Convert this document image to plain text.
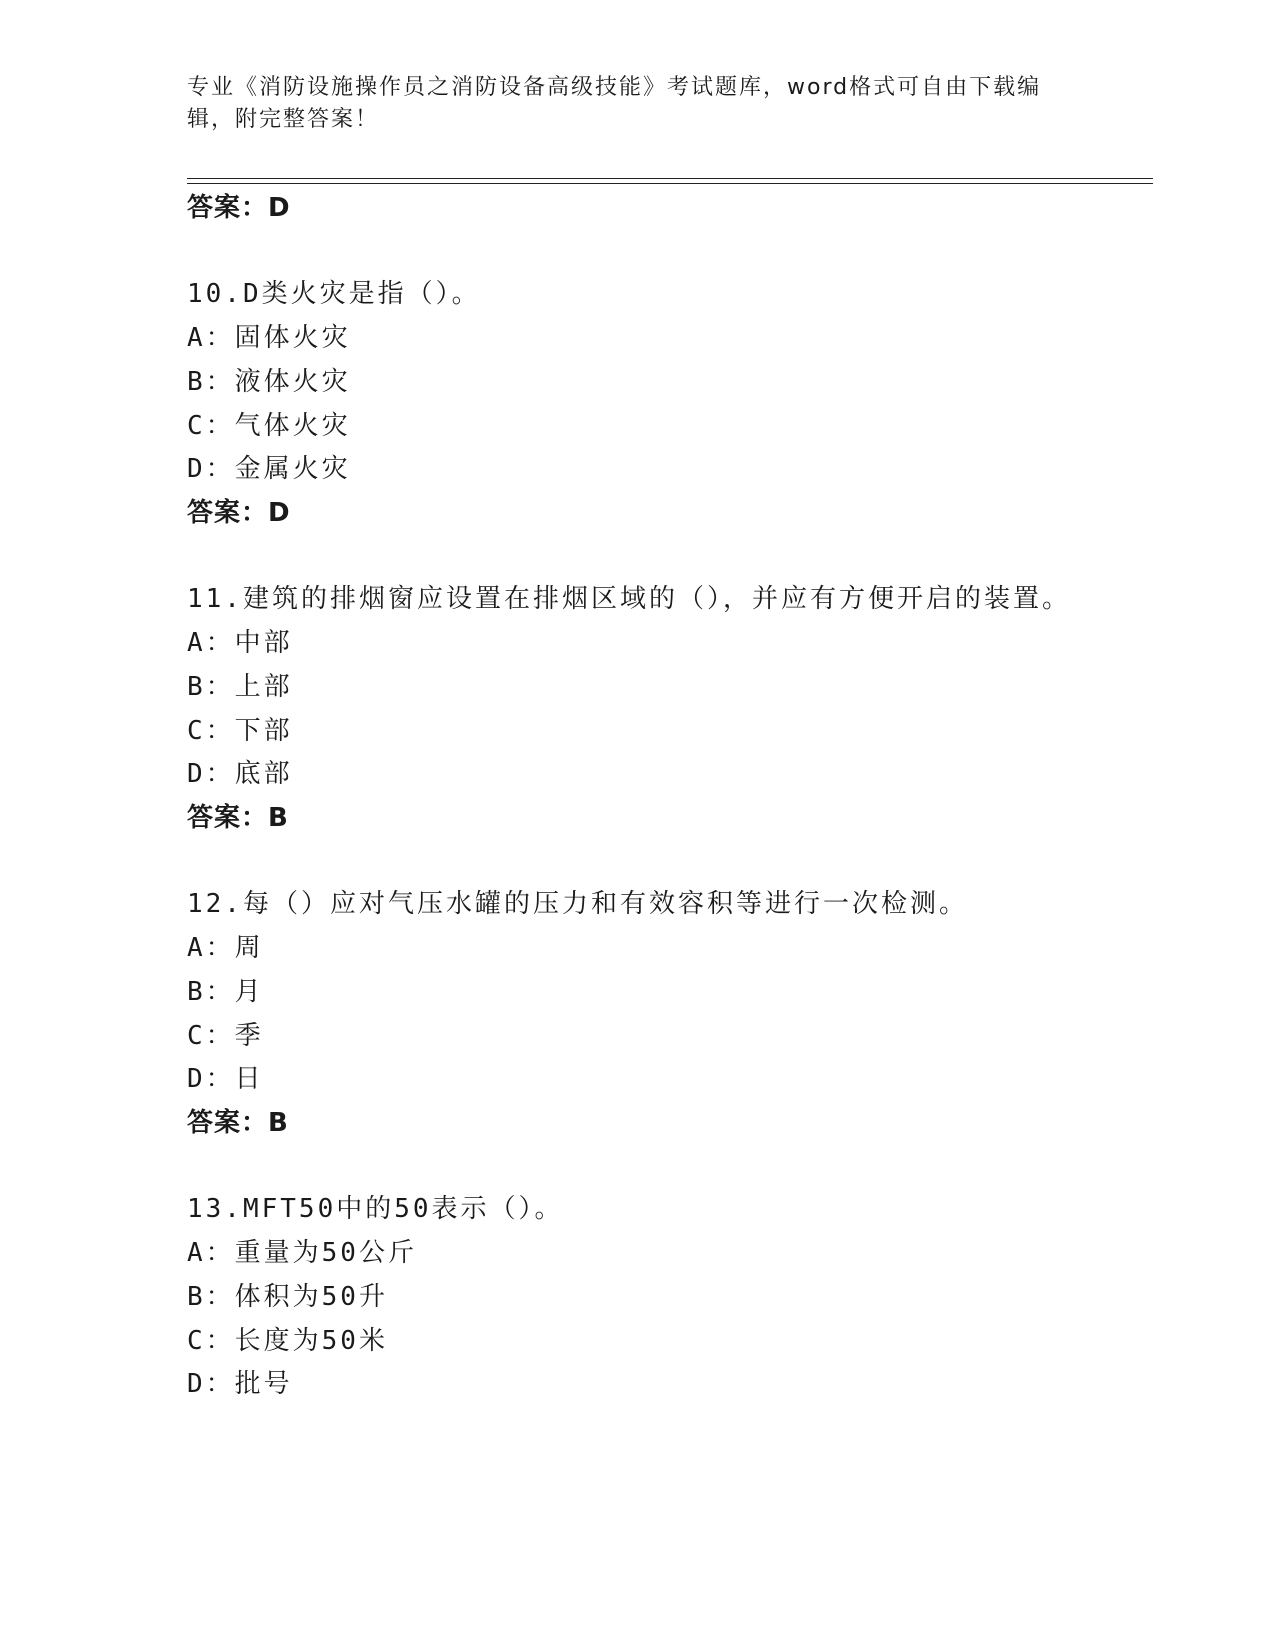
专业《消防设施操作员之消防设备高级技能》考试题库，word格式可自由下载编
辑，附完整答案！
答案：D
10.D类火灾是指（）。
A：固体火灾
B：液体火灾
C：气体火灾
D：金属火灾
答案：D
11.建筑的排烟窗应设置在排烟区域的（），并应有方便开启的装置。
A：中部
B：上部
C：下部
D：底部
答案：B
12.每（）应对气压水罐的压力和有效容积等进行一次检测。
A：周
B：月
C：季
D：日
答案：B
13.MFT50中的50表示（）。
A：重量为50公斤
B：体积为50升
C：长度为50米
D：批号
